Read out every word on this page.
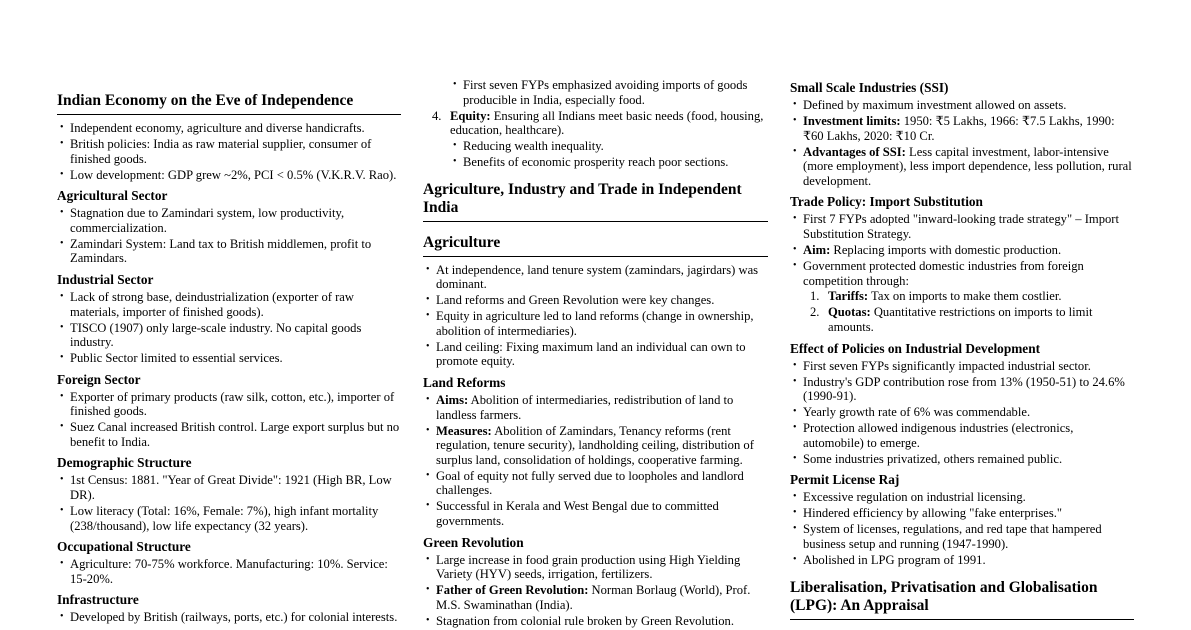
Indian Economy on the Eve of Independence
• Independent economy, agriculture and diverse handicrafts.
• British policies: India as raw material supplier, consumer of finished goods.
• Low development: GDP grew ~2%, PCI < 0.5% (V.K.R.V. Rao).
Agricultural Sector
• Stagnation due to Zamindari system, low productivity, commercialization.
• Zamindari System: Land tax to British middlemen, profit to Zamindars.
Industrial Sector
• Lack of strong base, deindustrialization (exporter of raw materials, importer of finished goods).
• TISCO (1907) only large-scale industry. No capital goods industry.
• Public Sector limited to essential services.
Foreign Sector
• Exporter of primary products (raw silk, cotton, etc.), importer of finished goods.
• Suez Canal increased British control. Large export surplus but no benefit to India.
Demographic Structure
• 1st Census: 1881. "Year of Great Divide": 1921 (High BR, Low DR).
• Low literacy (Total: 16%, Female: 7%), high infant mortality (238/thousand), low life expectancy (32 years).
Occupational Structure
• Agriculture: 70-75% workforce. Manufacturing: 10%. Service: 15-20%.
Infrastructure
• Developed by British (railways, ports, etc.) for colonial interests.
• First seven FYPs emphasized avoiding imports of goods producible in India, especially food.
4. Equity: Ensuring all Indians meet basic needs (food, housing, education, healthcare).
• Reducing wealth inequality.
• Benefits of economic prosperity reach poor sections.
Agriculture, Industry and Trade in Independent India
Agriculture
• At independence, land tenure system (zamindars, jagirdars) was dominant.
• Land reforms and Green Revolution were key changes.
• Equity in agriculture led to land reforms (change in ownership, abolition of intermediaries).
• Land ceiling: Fixing maximum land an individual can own to promote equity.
Land Reforms
• Aims: Abolition of intermediaries, redistribution of land to landless farmers.
• Measures: Abolition of Zamindars, Tenancy reforms (rent regulation, tenure security), landholding ceiling, distribution of surplus land, consolidation of holdings, cooperative farming.
• Goal of equity not fully served due to loopholes and landlord challenges.
• Successful in Kerala and West Bengal due to committed governments.
Green Revolution
• Large increase in food grain production using High Yielding Variety (HYV) seeds, irrigation, fertilizers.
• Father of Green Revolution: Norman Borlaug (World), Prof. M.S. Swaminathan (India).
• Stagnation from colonial rule broken by Green Revolution.
Small Scale Industries (SSI)
• Defined by maximum investment allowed on assets.
• Investment limits: 1950: ₹5 Lakhs, 1966: ₹7.5 Lakhs, 1990: ₹60 Lakhs, 2020: ₹10 Cr.
• Advantages of SSI: Less capital investment, labor-intensive (more employment), less import dependence, less pollution, rural development.
Trade Policy: Import Substitution
• First 7 FYPs adopted "inward-looking trade strategy" – Import Substitution Strategy.
• Aim: Replacing imports with domestic production.
• Government protected domestic industries from foreign competition through:
1. Tariffs: Tax on imports to make them costlier.
2. Quotas: Quantitative restrictions on imports to limit amounts.
Effect of Policies on Industrial Development
• First seven FYPs significantly impacted industrial sector.
• Industry's GDP contribution rose from 13% (1950-51) to 24.6% (1990-91).
• Yearly growth rate of 6% was commendable.
• Protection allowed indigenous industries (electronics, automobile) to emerge.
• Some industries privatized, others remained public.
Permit License Raj
• Excessive regulation on industrial licensing.
• Hindered efficiency by allowing "fake enterprises."
• System of licenses, regulations, and red tape that hampered business setup and running (1947-1990).
• Abolished in LPG program of 1991.
Liberalisation, Privatisation and Globalisation (LPG): An Appraisal
